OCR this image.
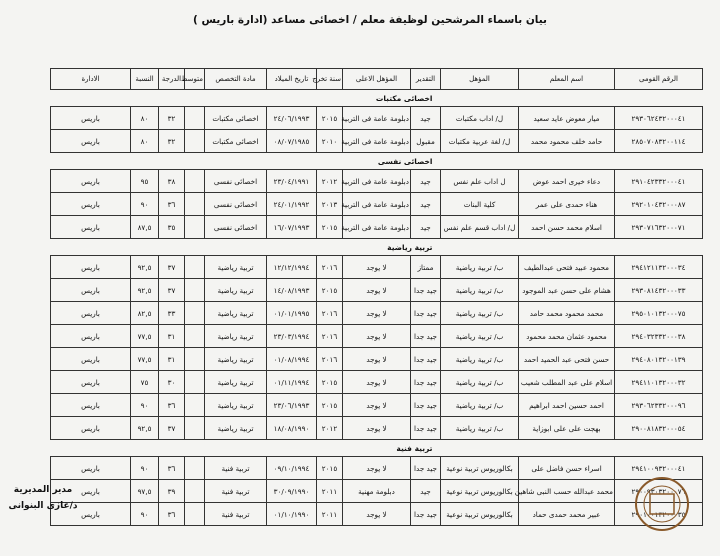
بيان باسماء المرشحين لوظيفة معلم / اخصائى مساعد (ادارة باريس )
الرقم القومى	اسم المعلم	المؤهل	التقدير	المؤهل الاعلى	سنة تخرج	تاريخ الميلاد	مادة التخصص	متوسط	الدرجة	النسبة	الادارة
اخصائى مكتبات											
٢٩٣٠٦٢٤٣٢٠٠٠٤١	ميار معوض عايد سعيد	ل/ اداب مكتبات	جيد	دبلومة عامة فى التربية	٢٠١٥	٢٤/٠٦/١٩٩٣	اخصائى مكتبات		٣٢	٨٠	باريس
٢٨٥٠٧٠٨٣٢٠٠١١٤	حامد خلف محمود محمد	ل/ لغة عربية مكتبات	مقبول	دبلومة عامة فى التربية	٢٠١٠	٠٨/٠٧/١٩٨٥	اخصائى مكتبات		٣٢	٨٠	باريس
اخصائى نفسى											
٢٩١٠٤٢٣٣٢٠٠٠٤١	دعاء خيرى احمد عوض	ل اداب علم نفس	جيد	دبلومة عامة فى التربية	٢٠١٢	٢٣/٠٤/١٩٩١	اخصائى نفسى		٣٨	٩٥	باريس
٢٩٢٠١٠٤٣٢٠٠٠٨٧	هناء حمدى على عمر	كلية البنات	جيد	دبلومة عامة فى التربية	٢٠١٣	٢٤/٠١/١٩٩٢	اخصائى نفسى		٣٦	٩٠	باريس
٢٩٣٠٧١٦٣٢٠٠٠٧١	اسلام محمد حسن احمد	ل/ اداب قسم علم نفس	جيد	دبلومة عامة فى التربية	٢٠١٥	١٦/٠٧/١٩٩٣	اخصائى نفسى		٣٥	٨٧,٥	باريس
تربية رياضية											
٢٩٤١٢١١٣٢٠٠٠٣٤	محمود عبيد فتحى عبدالطيف	ب/ تربية رياضية	ممتاز	لا يوجد	٢٠١٦	١٢/١٢/١٩٩٤	تربية رياضية		٣٧	٩٢,٥	باريس
٢٩٣٠٨١٤٣٢٠٠٠٣٣	هشام على حسن عبد الموجود	ب/ تربية رياضية	جيد جدا	لا يوجد	٢٠١٥	١٤/٠٨/١٩٩٣	تربية رياضية		٣٧	٩٢,٥	باريس
٢٩٥٠١٠١٣٢٠٠٠٧٥	محمد محمود محمد حامد	ب/ تربية رياضية	جيد جدا	لا يوجد	٢٠١٦	٠١/٠١/١٩٩٥	تربية رياضية		٣٣	٨٢,٥	باريس
٢٩٤٠٣٢٣٣٢٠٠٠٣٨	محمود عثمان محمد محمود	ب/ تربية رياضية	جيد جدا	لا يوجد	٢٠١٦	٢٣/٠٣/١٩٩٤	تربية رياضية		٣١	٧٧,٥	باريس
٢٩٤٠٨٠١٣٢٠٠١٣٩	حسن فتحى عبد الحميد احمد	ب/ تربية رياضية	جيد جدا	لا يوجد	٢٠١٦	٠١/٠٨/١٩٩٤	تربية رياضية		٣١	٧٧,٥	باريس
٢٩٤١١٠١٣٢٠٠٠٣٢	اسلام على عبد المطلب شعيب	ب/ تربية رياضية	جيد جدا	لا يوجد	٢٠١٥	٠١/١١/١٩٩٤	تربية رياضية		٣٠	٧٥	باريس
٢٩٣٠٦٢٣٣٢٠٠٠٩٦	احمد حسين احمد ابراهيم	ب/ تربية رياضية	جيد جدا	لا يوجد	٢٠١٥	٢٣/٠٦/١٩٩٣	تربية رياضية		٣٦	٩٠	باريس
٢٩٠٠٨١٨٣٢٠٠٠٥٤	بهجت على على ابوزاية	ب/ تربية رياضية	جيد جدا	لا يوجد	٢٠١٢	١٨/٠٨/١٩٩٠	تربية رياضية		٣٧	٩٢,٥	باريس
تربية فنية											
٢٩٤١٠٠٩٣٢٠٠٠٤١	اسراء حسن فاضل على	بكالوريوس تربية نوعية	جيد جدا	لا يوجد	٢٠١٥	٠٩/١٠/١٩٩٤	تربية فنية		٣٦	٩٠	باريس
٢٩٠٠٩٣٠٣٢٠٠٠٧٦	محمد عبدالله حسب النبى شاهين	بكالوريوس تربية نوعية	جيد	دبلومة مهنية	٢٠١١	٣٠/٠٩/١٩٩٠	تربية فنية		٣٩	٩٧,٥	باريس
٢٩٠١٠٠١٣٢٠٠٠٣٥	عبير محمد حمدى حماد	بكالوريوس تربية نوعية	جيد جدا	لا يوجد	٢٠١١	٠١/١٠/١٩٩٠	تربية فنية		٣٦	٩٠	باريس
مدير المديرية
د/غازى البنوانى
